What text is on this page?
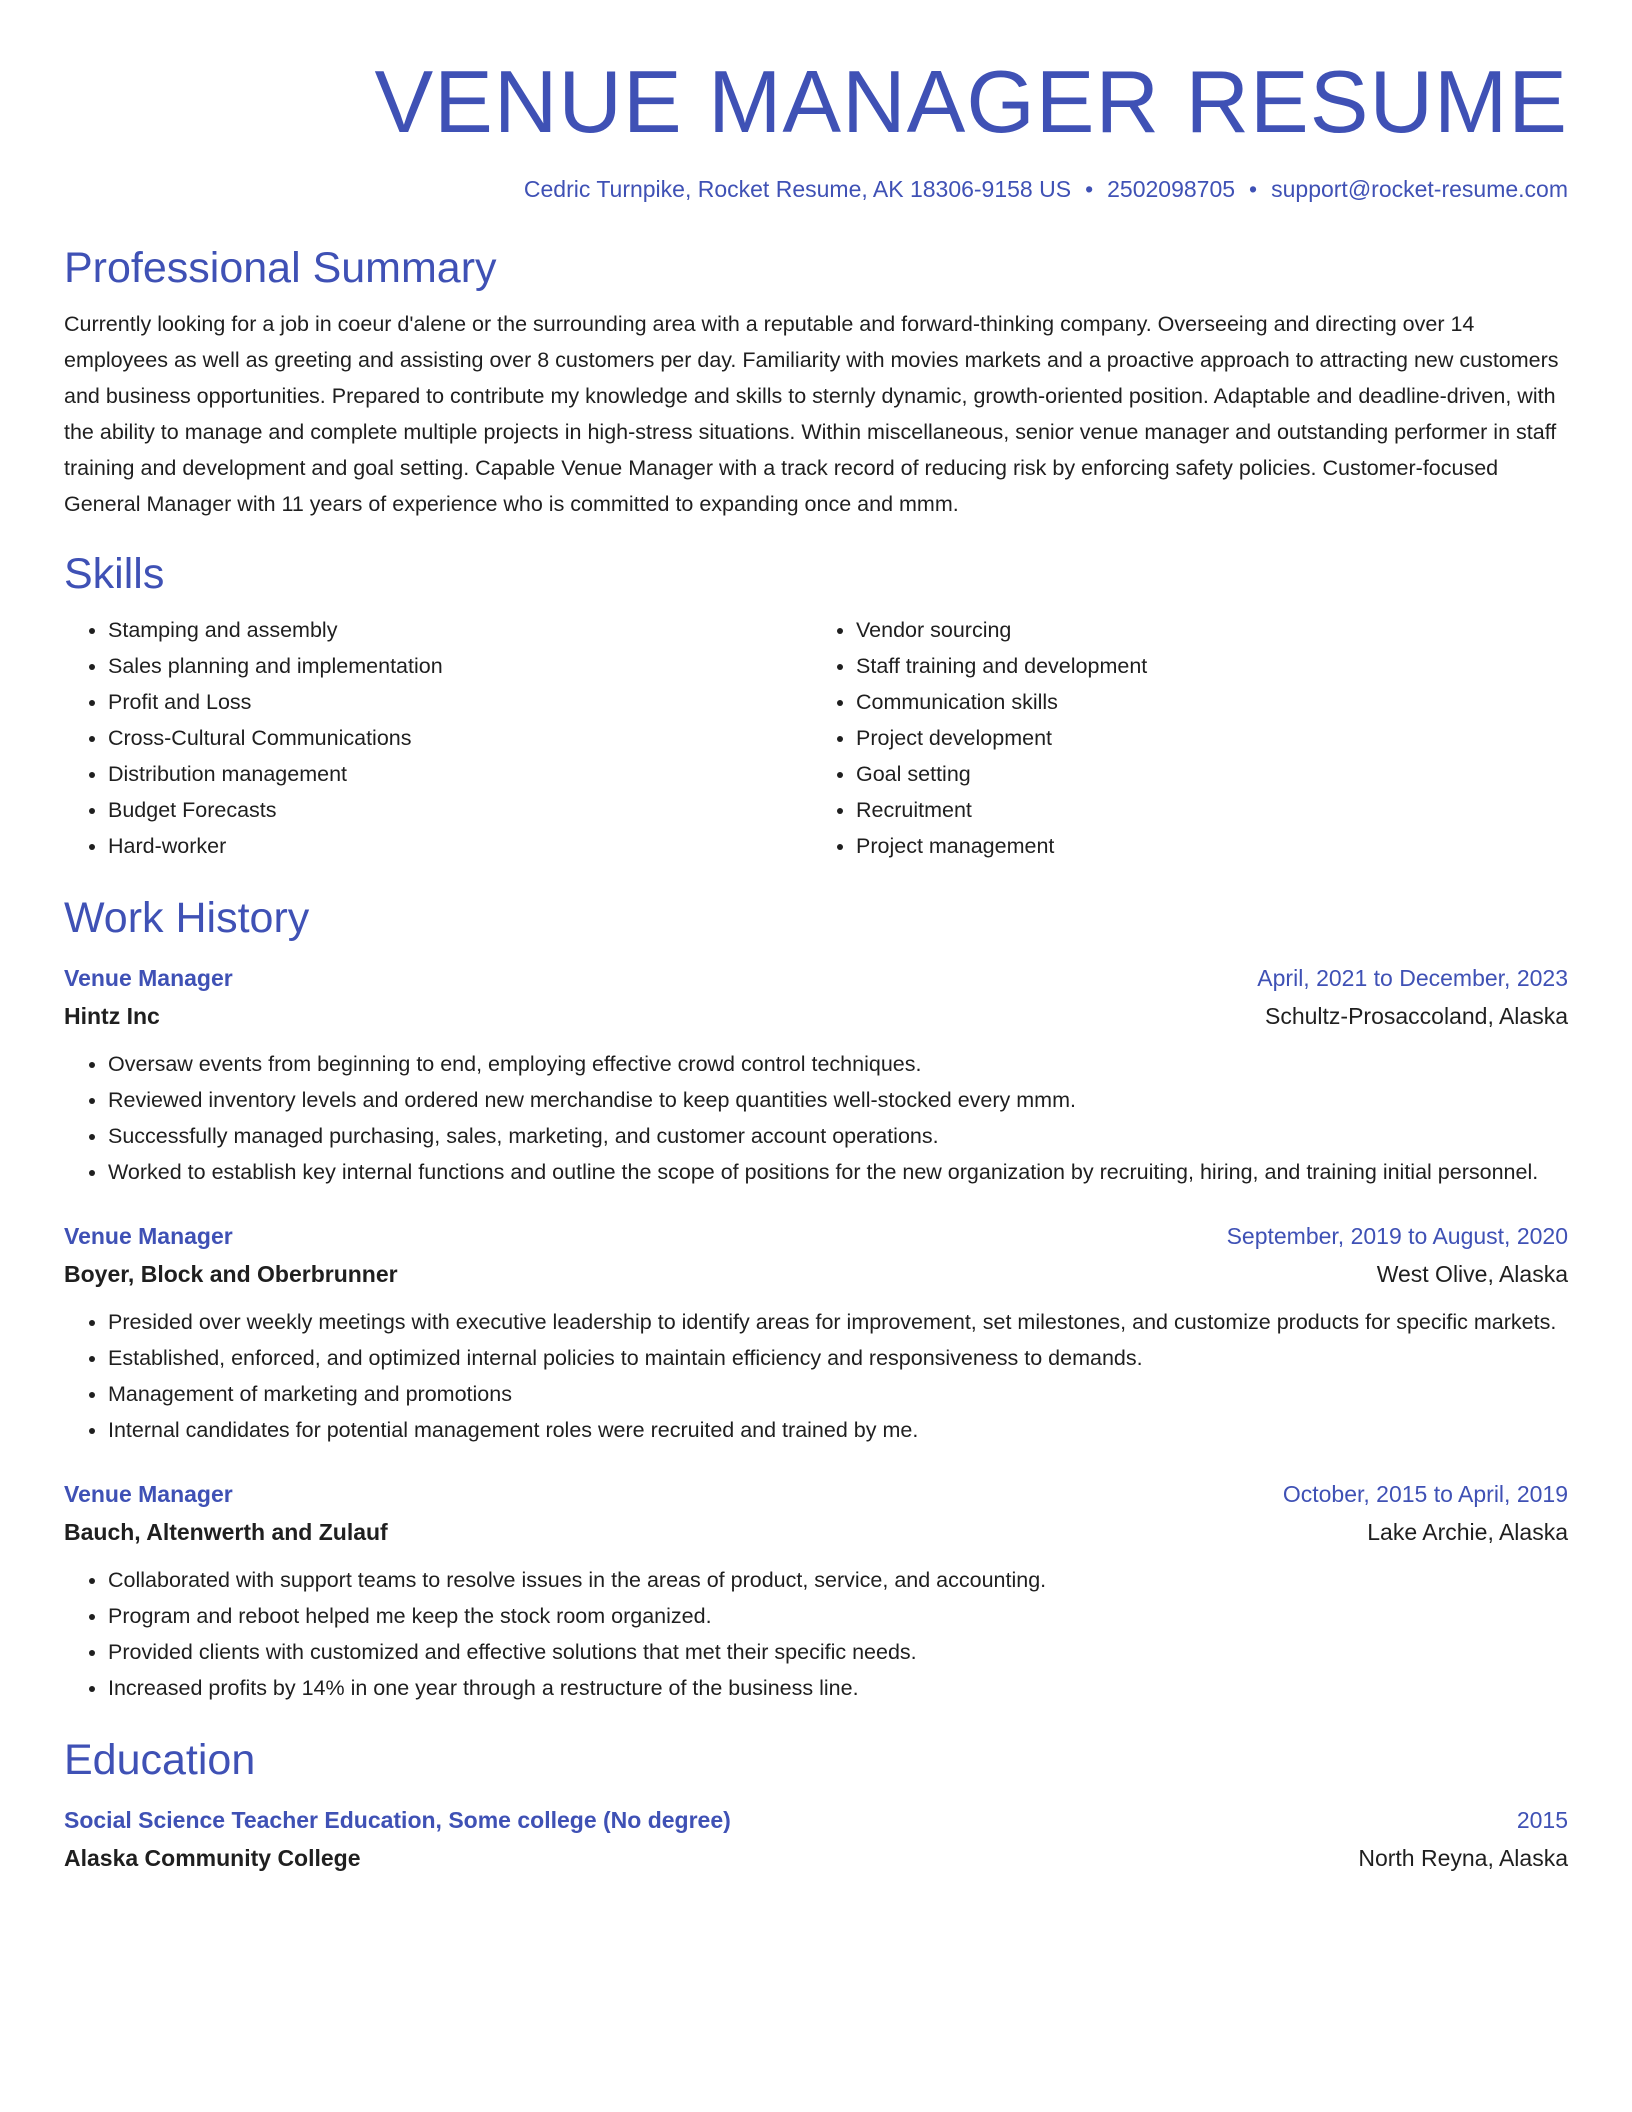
VENUE MANAGER RESUME
Cedric Turnpike, Rocket Resume, AK 18306-9158 US • 2502098705 • support@rocket-resume.com
Professional Summary

Currently looking for a job in coeur d'alene or the surrounding area with a reputable and forward-thinking company. Overseeing and directing over 14 employees as well as greeting and assisting over 8 customers per day. Familiarity with movies markets and a proactive approach to attracting new customers and business opportunities. Prepared to contribute my knowledge and skills to sternly dynamic, growth-oriented position. Adaptable and deadline-driven, with the ability to manage and complete multiple projects in high-stress situations. Within miscellaneous, senior venue manager and outstanding performer in staff training and development and goal setting. Capable Venue Manager with a track record of reducing risk by enforcing safety policies. Customer-focused General Manager with 11 years of experience who is committed to expanding once and mmm.

Skills
• Stamping and assembly
• Sales planning and implementation
• Profit and Loss
• Cross-Cultural Communications
• Distribution management
• Budget Forecasts
• Hard-worker
• Vendor sourcing
• Staff training and development
• Communication skills
• Project development
• Goal setting
• Recruitment
• Project management
Work History
Venue Manager	April, 2021 to December, 2023
Hintz Inc	Schultz-Prosaccoland, Alaska
• Oversaw events from beginning to end, employing effective crowd control techniques.
• Reviewed inventory levels and ordered new merchandise to keep quantities well-stocked every mmm.
• Successfully managed purchasing, sales, marketing, and customer account operations.
• Worked to establish key internal functions and outline the scope of positions for the new organization by recruiting, hiring, and training initial personnel.
Venue Manager	September, 2019 to August, 2020
Boyer, Block and Oberbrunner	West Olive, Alaska
• Presided over weekly meetings with executive leadership to identify areas for improvement, set milestones, and customize products for specific markets.
• Established, enforced, and optimized internal policies to maintain efficiency and responsiveness to demands.
• Management of marketing and promotions
• Internal candidates for potential management roles were recruited and trained by me.
Venue Manager	October, 2015 to April, 2019
Bauch, Altenwerth and Zulauf	Lake Archie, Alaska
• Collaborated with support teams to resolve issues in the areas of product, service, and accounting.
• Program and reboot helped me keep the stock room organized.
• Provided clients with customized and effective solutions that met their specific needs.
• Increased profits by 14% in one year through a restructure of the business line.
Education
Social Science Teacher Education, Some college (No degree)	2015
Alaska Community College	North Reyna, Alaska
